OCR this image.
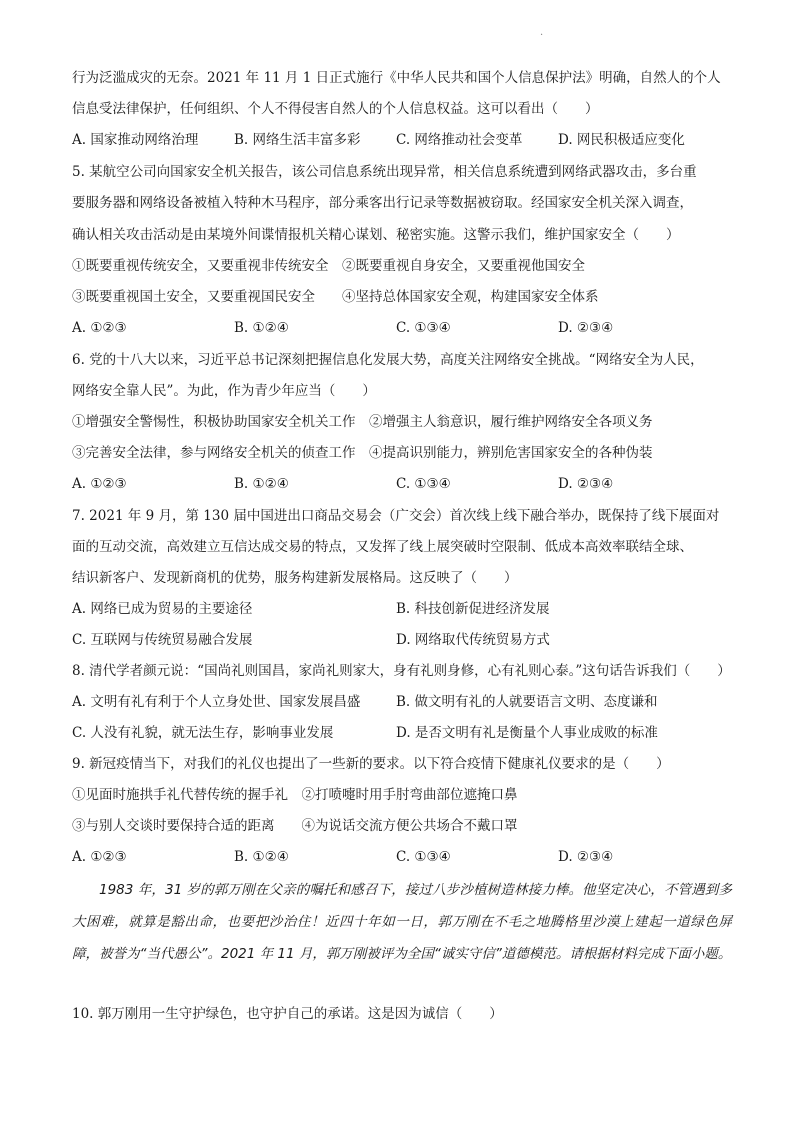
·
行为泛滥成灾的无奈。2021 年 11 月 1 日正式施行《中华人民共和国个人信息保护法》明确，自然人的个人
信息受法律保护，任何组织、个人不得侵害自然人的个人信息权益。这可以看出（　　）
A. 国家推动网络治理	B. 网络生活丰富多彩	C. 网络推动社会变革	D. 网民积极适应变化
5. 某航空公司向国家安全机关报告，该公司信息系统出现异常，相关信息系统遭到网络武器攻击，多台重
要服务器和网络设备被植入特种木马程序，部分乘客出行记录等数据被窃取。经国家安全机关深入调查，
确认相关攻击活动是由某境外间谍情报机关精心谋划、秘密实施。这警示我们，维护国家安全（　　）
①既要重视传统安全，又要重视非传统安全　②既要重视自身安全，又要重视他国安全
③既要重视国土安全，又要重视国民安全　　④坚持总体国家安全观，构建国家安全体系
A. ①②③	B. ①②④	C. ①③④	D. ②③④
6. 党的十八大以来，习近平总书记深刻把握信息化发展大势，高度关注网络安全挑战。“网络安全为人民，
网络安全靠人民”。为此，作为青少年应当（　　）
①增强安全警惕性，积极协助国家安全机关工作　②增强主人翁意识，履行维护网络安全各项义务
③完善安全法律，参与网络安全机关的侦查工作　④提高识别能力，辨别危害国家安全的各种伪装
A. ①②③	B. ①②④	C. ①③④	D. ②③④
7. 2021 年 9 月，第 130 届中国进出口商品交易会（广交会）首次线上线下融合举办，既保持了线下展面对
面的互动交流，高效建立互信达成交易的特点，又发挥了线上展突破时空限制、低成本高效率联结全球、
结识新客户、发现新商机的优势，服务构建新发展格局。这反映了（　　）
A. 网络已成为贸易的主要途径	B. 科技创新促进经济发展
C. 互联网与传统贸易融合发展	D. 网络取代传统贸易方式
8. 清代学者颜元说：“国尚礼则国昌，家尚礼则家大，身有礼则身修，心有礼则心泰。”这句话告诉我们（　　）
A. 文明有礼有利于个人立身处世、国家发展昌盛	B. 做文明有礼的人就要语言文明、态度谦和
C. 人没有礼貌，就无法生存，影响事业发展	D. 是否文明有礼是衡量个人事业成败的标准
9. 新冠疫情当下，对我们的礼仪也提出了一些新的要求。以下符合疫情下健康礼仪要求的是（　　）
①见面时施拱手礼代替传统的握手礼　②打喷嚏时用手肘弯曲部位遮掩口鼻
③与别人交谈时要保持合适的距离　　④为说话交流方便公共场合不戴口罩
A. ①②③	B. ①②④	C. ①③④	D. ②③④
1983 年，31 岁的郭万刚在父亲的嘱托和感召下，接过八步沙植树造林接力棒。他坚定决心，不管遇到多大困难，就算是豁出命，也要把沙治住！近四十年如一日，郭万刚在不毛之地腾格里沙漠上建起一道绿色屏障，被誉为“当代愚公”。2021 年 11 月，郭万刚被评为全国“诚实守信”道德模范。请根据材料完成下面小题。
10. 郭万刚用一生守护绿色，也守护自己的承诺。这是因为诚信（　　）
